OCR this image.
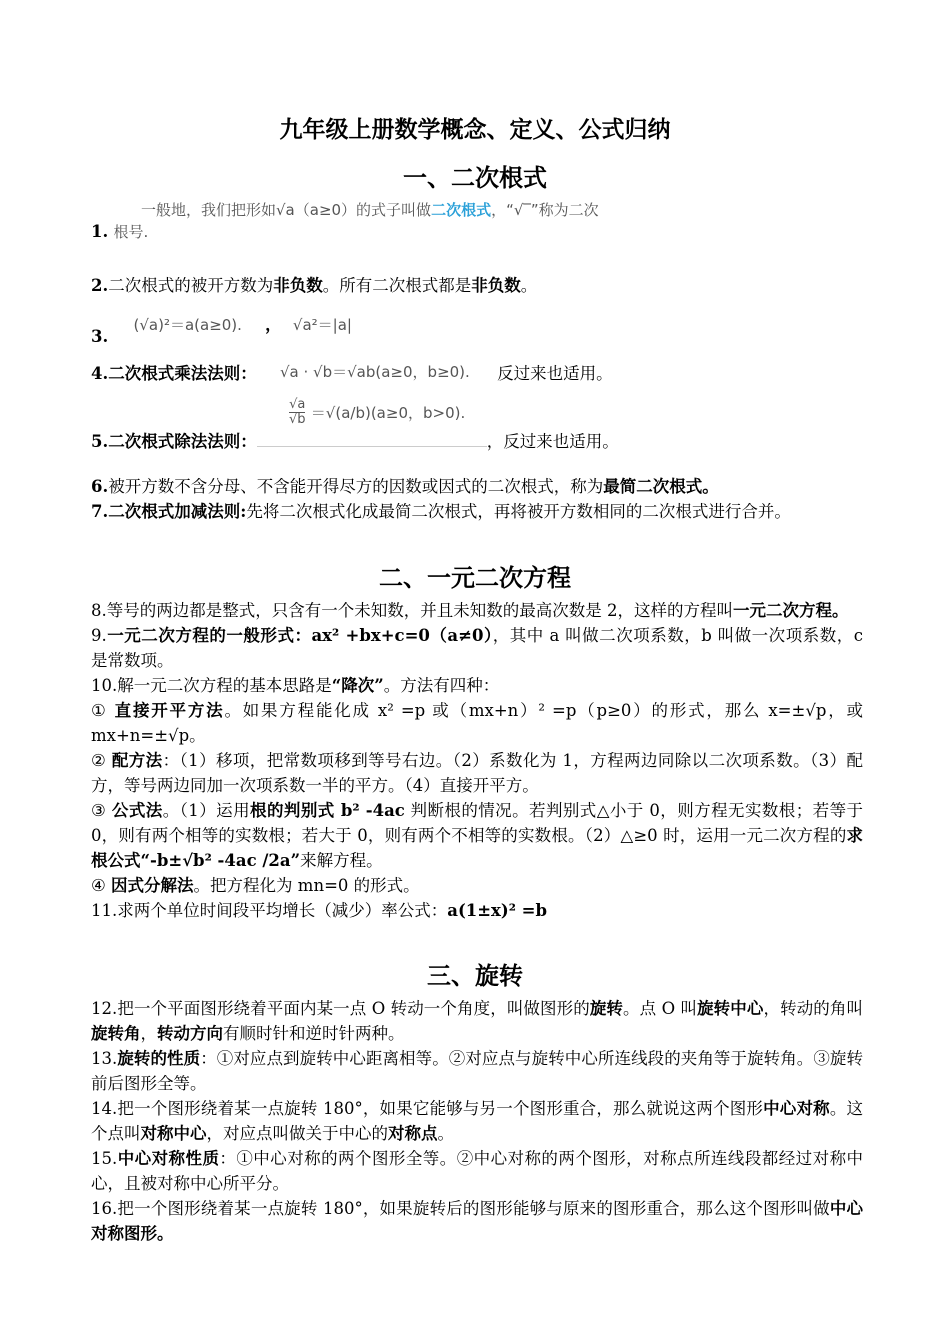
九年级上册数学概念、定义、公式归纳
一、二次根式
一般地，我们把形如√a（a≥0）的式子叫做二次根式，“√‾”称为二次
1. 根号.
2.二次根式的被开方数为非负数。所有二次根式都是非负数。
3. (√a)²＝a(a≥0). ， √a²＝|a|
4.二次根式乘法法则： √a · √b＝√ab(a≥0，b≥0). 反过来也适用。
$\frac{√a}{√b} =√(a/b)(a\ge 0$，b>0).
5.二次根式除法法则：	，反过来也适用。
6.被开方数不含分母、不含能开得尽方的因数或因式的二次根式，称为最简二次根式。
7.二次根式加减法则:先将二次根式化成最简二次根式，再将被开方数相同的二次根式进行合并。
二、一元二次方程
8.等号的两边都是整式，只含有一个未知数，并且未知数的最高次数是 2，这样的方程叫一元二次方程。
9.一元二次方程的一般形式：ax² +bx+c=0（a≠0），其中 a 叫做二次项系数，b 叫做一次项系数，c 是常数项。
10.解一元二次方程的基本思路是“降次”。方法有四种：
① 直接开平方法。如果方程能化成 x² =p 或（mx+n）² =p（p≥0）的形式，那么 x=±√p，或 mx+n=±√p。
② 配方法：（1）移项，把常数项移到等号右边。（2）系数化为 1，方程两边同除以二次项系数。（3）配方，等号两边同加一次项系数一半的平方。（4）直接开平方。
③ 公式法。（1）运用根的判别式 b² -4ac 判断根的情况。若判别式△小于 0，则方程无实数根；若等于 0，则有两个相等的实数根；若大于 0，则有两个不相等的实数根。（2）△≥0 时，运用一元二次方程的求根公式“-b±√b² -4ac /2a”来解方程。
④ 因式分解法。把方程化为 mn=0 的形式。
11.求两个单位时间段平均增长（减少）率公式：a(1±x)² =b
三、旋转
12.把一个平面图形绕着平面内某一点 O 转动一个角度，叫做图形的旋转。点 O 叫旋转中心，转动的角叫旋转角，转动方向有顺时针和逆时针两种。
13.旋转的性质：①对应点到旋转中心距离相等。②对应点与旋转中心所连线段的夹角等于旋转角。③旋转前后图形全等。
14.把一个图形绕着某一点旋转 180°，如果它能够与另一个图形重合，那么就说这两个图形中心对称。这个点叫对称中心，对应点叫做关于中心的对称点。
15.中心对称性质：①中心对称的两个图形全等。②中心对称的两个图形，对称点所连线段都经过对称中心，且被对称中心所平分。
16.把一个图形绕着某一点旋转 180°，如果旋转后的图形能够与原来的图形重合，那么这个图形叫做中心对称图形。
